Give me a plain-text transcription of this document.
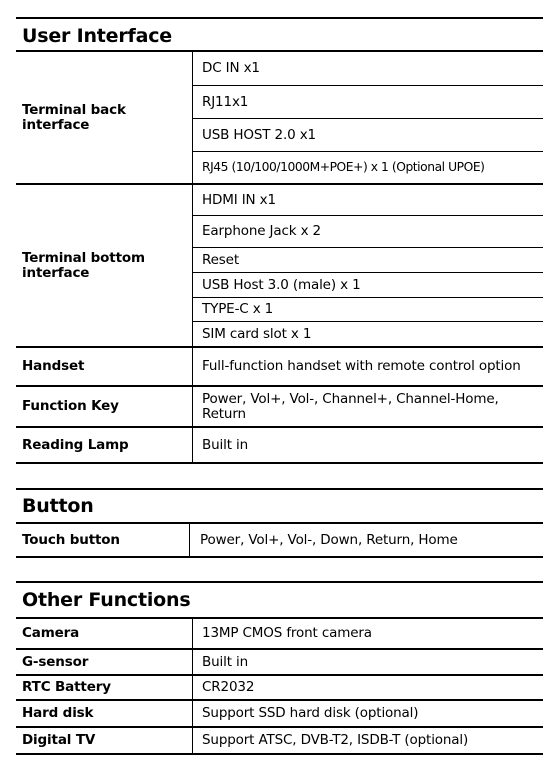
User Interface
Terminal back interface
DC IN x1
RJ11x1
USB HOST 2.0 x1
RJ45 (10/100/1000M+POE+) x 1 (Optional UPOE)
Terminal bottom interface
HDMI IN x1
Earphone Jack x 2
Reset
USB Host 3.0 (male) x 1
TYPE-C x 1
SIM card slot x 1
Handset	Full-function handset with remote control option
Function Key	Power, Vol+, Vol-, Channel+, Channel-Home, Return
Reading Lamp	Built in
Button
Touch button	Power, Vol+, Vol-, Down, Return, Home
Other Functions
Camera	13MP CMOS front camera
G-sensor	Built in
RTC Battery	CR2032
Hard disk	Support SSD hard disk (optional)
Digital TV	Support ATSC, DVB-T2, ISDB-T (optional)
